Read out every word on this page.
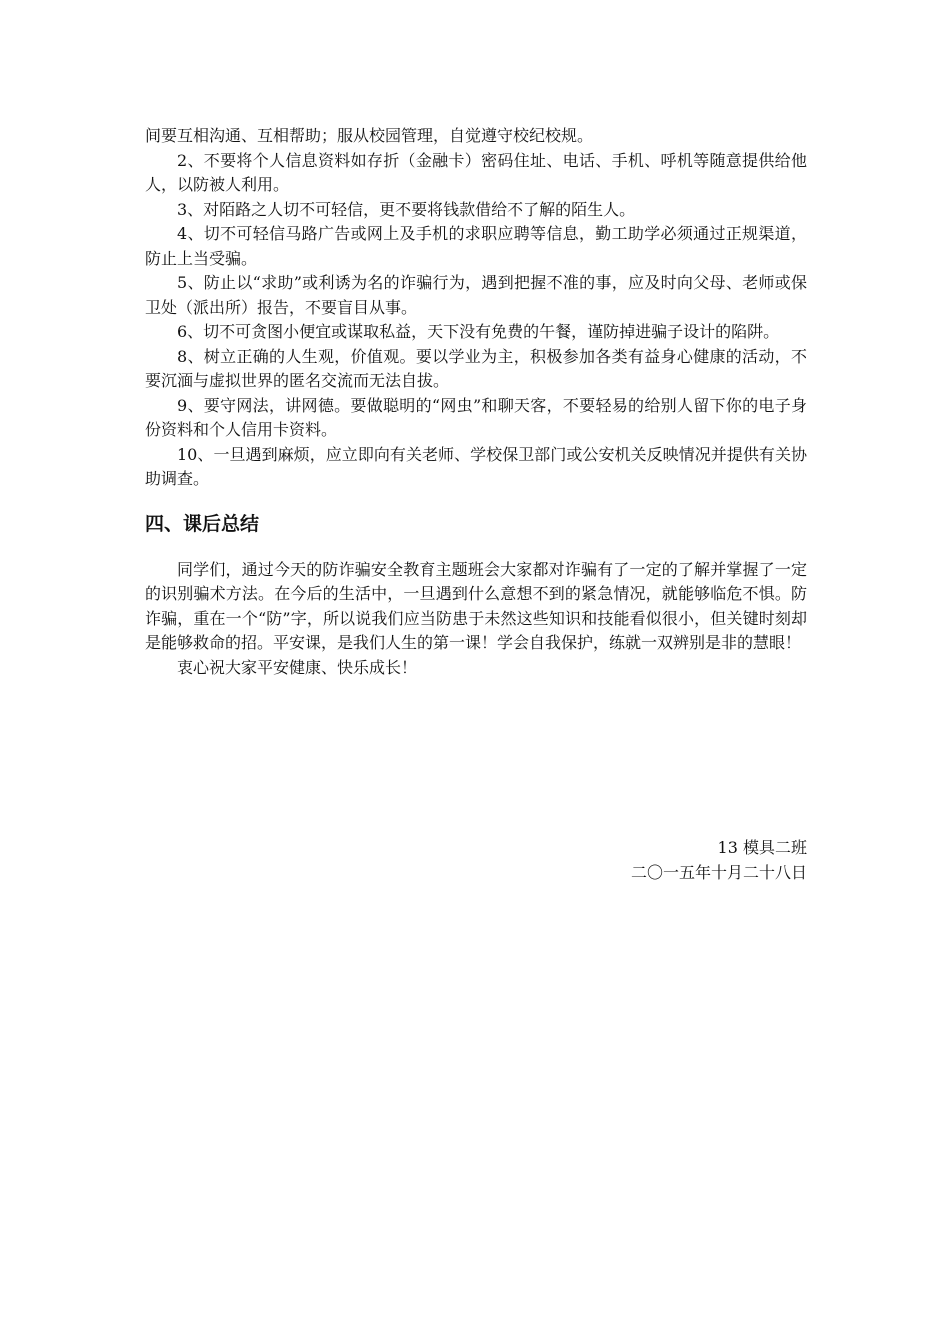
间要互相沟通、互相帮助；服从校园管理，自觉遵守校纪校规。

2、不要将个人信息资料如存折（金融卡）密码住址、电话、手机、呼机等随意提供给他人，以防被人利用。

3、对陌路之人切不可轻信，更不要将钱款借给不了解的陌生人。

4、切不可轻信马路广告或网上及手机的求职应聘等信息，勤工助学必须通过正规渠道，防止上当受骗。

5、防止以“求助”或利诱为名的诈骗行为，遇到把握不准的事，应及时向父母、老师或保卫处（派出所）报告，不要盲目从事。

6、切不可贪图小便宜或谋取私益，天下没有免费的午餐，谨防掉进骗子设计的陷阱。

8、树立正确的人生观，价值观。要以学业为主，积极参加各类有益身心健康的活动，不要沉湎与虚拟世界的匿名交流而无法自拔。

9、要守网法，讲网德。要做聪明的“网虫”和聊天客，不要轻易的给别人留下你的电子身份资料和个人信用卡资料。

10、一旦遇到麻烦，应立即向有关老师、学校保卫部门或公安机关反映情况并提供有关协助调查。

四、课后总结

同学们，通过今天的防诈骗安全教育主题班会大家都对诈骗有了一定的了解并掌握了一定的识别骗术方法。在今后的生活中，一旦遇到什么意想不到的紧急情况，就能够临危不惧。防诈骗，重在一个“防”字，所以说我们应当防患于未然这些知识和技能看似很小，但关键时刻却是能够救命的招。平安课，是我们人生的第一课！学会自我保护，练就一双辨别是非的慧眼！

衷心祝大家平安健康、快乐成长！

13 模具二班
二〇一五年十月二十八日
